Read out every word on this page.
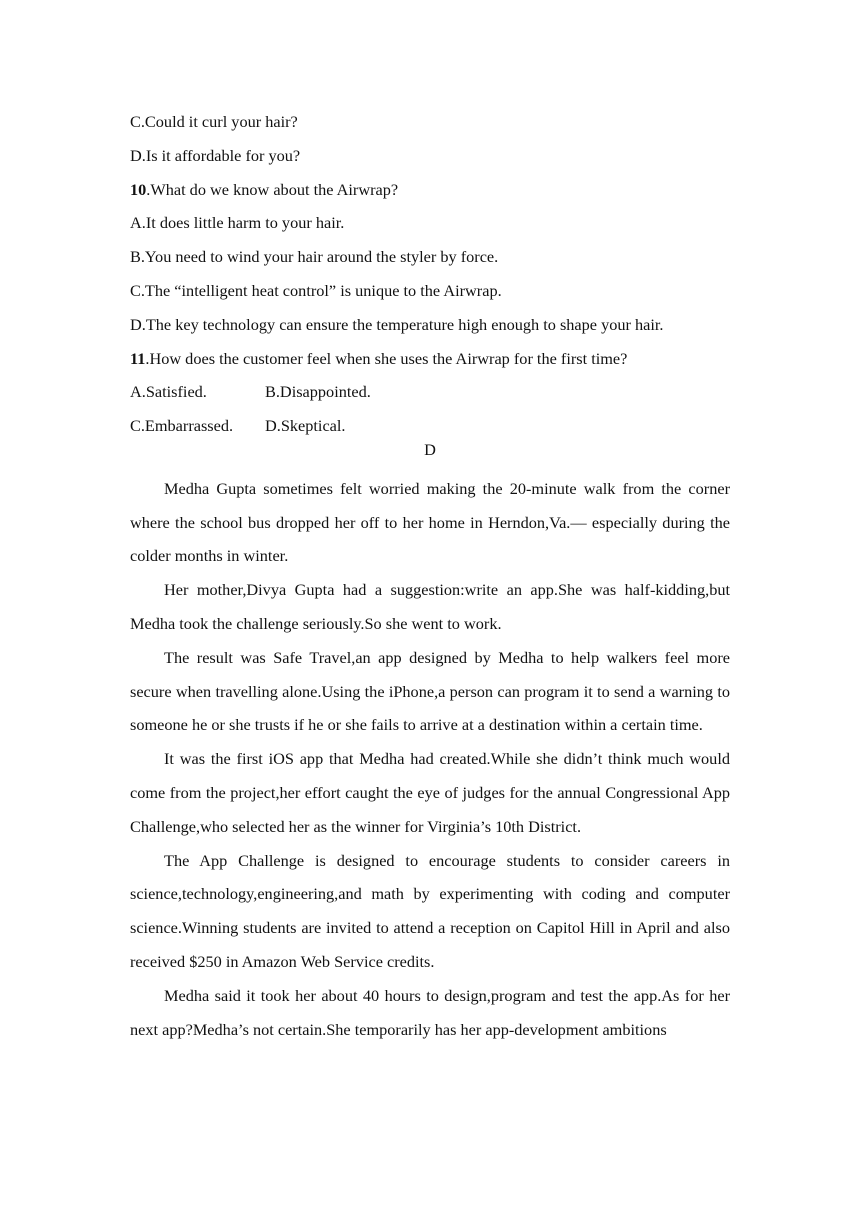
C.Could it curl your hair?
D.Is it affordable for you?
10.What do we know about the Airwrap?
A.It does little harm to your hair.
B.You need to wind your hair around the styler by force.
C.The “intelligent heat control” is unique to the Airwrap.
D.The key technology can ensure the temperature high enough to shape your hair.
11.How does the customer feel when she uses the Airwrap for the first time?
A.Satisfied.	B.Disappointed.
C.Embarrassed.	D.Skeptical.
D

Medha Gupta sometimes felt worried making the 20-minute walk from the corner where the school bus dropped her off to her home in Herndon,Va.— especially during the colder months in winter.

Her mother,Divya Gupta had a suggestion:write an app.She was half-kidding,but Medha took the challenge seriously.So she went to work.

The result was Safe Travel,an app designed by Medha to help walkers feel more secure when travelling alone.Using the iPhone,a person can program it to send a warning to someone he or she trusts if he or she fails to arrive at a destination within a certain time.

It was the first iOS app that Medha had created.While she didn’t think much would come from the project,her effort caught the eye of judges for the annual Congressional App Challenge,who selected her as the winner for Virginia’s 10th District.

The App Challenge is designed to encourage students to consider careers in science,technology,engineering,and math by experimenting with coding and computer science.Winning students are invited to attend a reception on Capitol Hill in April and also received $250 in Amazon Web Service credits.

Medha said it took her about 40 hours to design,program and test the app.As for her next app?Medha’s not certain.She temporarily has her app-development ambitions
